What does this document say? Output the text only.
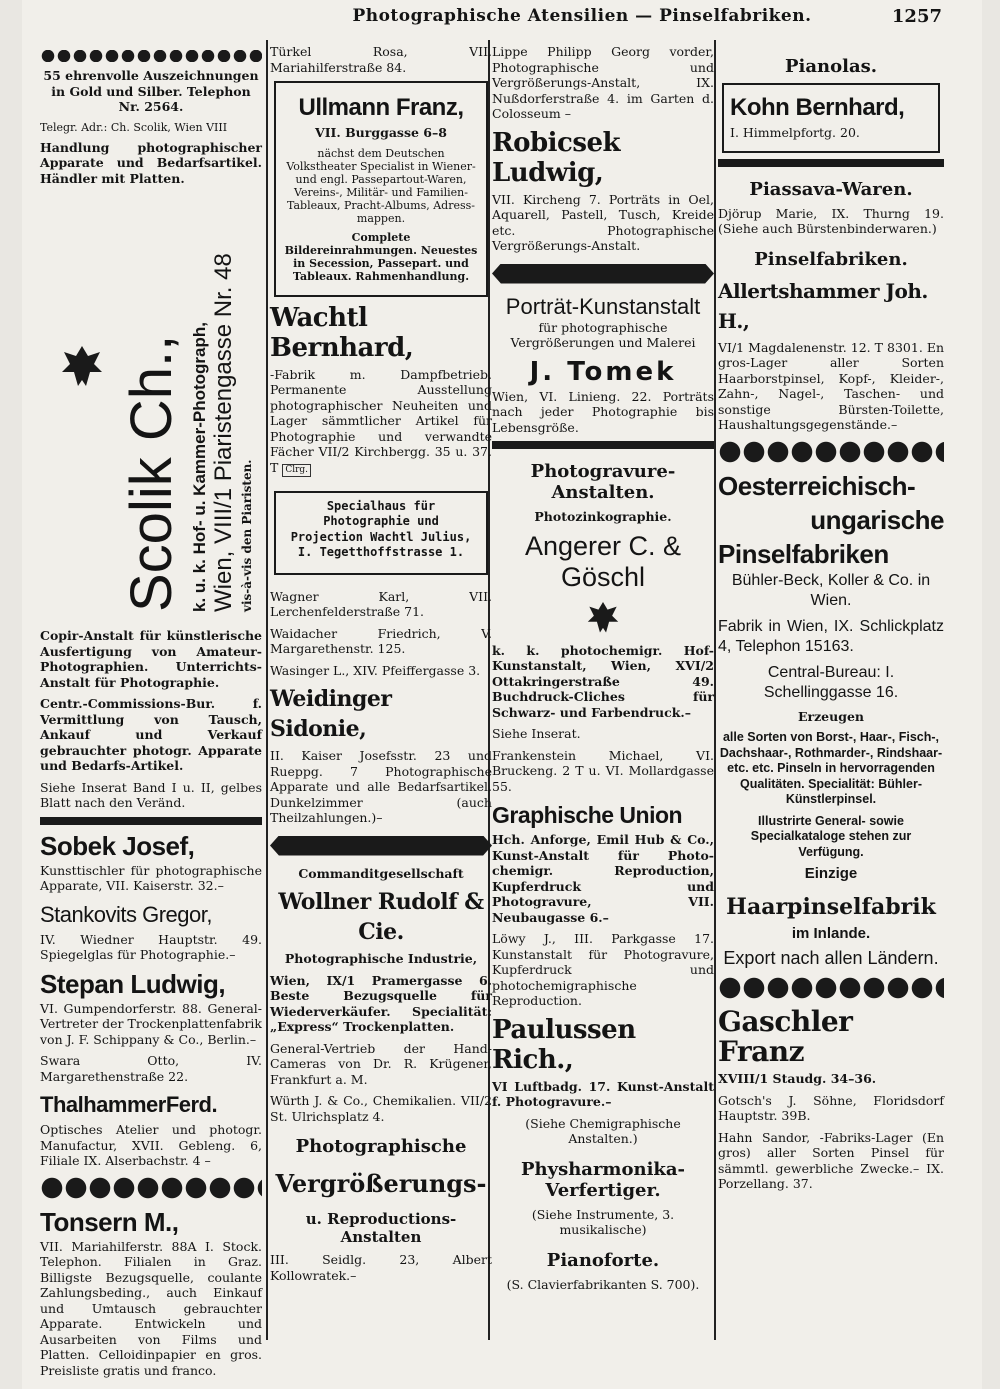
Photographische Atensilien — Pinselfabriken.	1257

55 ehrenvolle Auszeichnungen in Gold und Silber. Telephon Nr. 2564.

Telegr. Adr.: Ch. Scolik, Wien VIII

Handlung photographischer Apparate und Bedarfsartikel. Händler mit Platten.

Scolik Ch., k. u. k. Hof- u. Kammer-Photograph, Wien, VIII/1 Piaristengasse Nr. 48 vis-à-vis den Piaristen.

Copir-Anstalt für künstlerische Ausfertigung von Amateur-Photographien. Unterrichts-Anstalt für Photographie.

Centr.-Commissions-Bur. f. Vermittlung von Tausch, Ankauf und Verkauf gebrauchter photogr. Apparate und Bedarfs-Artikel.

Siehe Inserat Band I u. II, gelbes Blatt nach den Veränd.

Sobek Josef,

Kunsttischler für photographische Apparate, VII. Kaiserstr. 32.–

Stankovits Gregor,

IV. Wiedner Hauptstr. 49. Spiegelglas für Photographie.–

Stepan Ludwig,

VI. Gumpendorferstr. 88. General-Vertreter der Trockenplattenfabrik von J. F. Schippany & Co., Berlin.–

Swara Otto, IV. Margarethenstraße 22.

ThalhammerFerd.

Optisches Atelier und photogr. Manufactur, XVII. Gebleng. 6, Filiale IX. Alserbachstr. 4 –

Tonsern M.,

VII. Mariahilferstr. 88A I. Stock. Telephon. Filialen in Graz. Billigste Bezugsquelle, coulante Zahlungsbeding., auch Einkauf und Umtausch gebrauchter Apparate. Entwickeln und Ausarbeiten von Films und Platten. Celloidinpapier en gros. Preisliste gratis und franco.

Türkel Rosa, VII. Mariahilferstraße 84.

Ullmann Franz,

VII. Burggasse 6–8

nächst dem Deutschen Volkstheater Specialist in Wiener- und engl. Passepartout-Waren, Vereins-, Militär- und Familien-Tableaux, Pracht-Albums, Adress-mappen.

Complete Bildereinrahmungen. Neuestes in Secession, Passepart. und Tableaux. Rahmenhandlung.

Wachtl Bernhard,

-Fabrik m. Dampfbetrieb. Permanente Ausstellung photographischer Neuheiten und Lager sämmtlicher Artikel für Photographie und verwandte Fächer VII/2 Kirchbergg. 35 u. 37. T Clrg.

Specialhaus für Photographie und Projection Wachtl Julius, I. Tegetthoffstrasse 1.

Wagner Karl, VII. Lerchenfelderstraße 71.

Waidacher Friedrich, V. Margarethenstr. 125.

Wasinger L., XIV. Pfeiffergasse 3.

Weidinger Sidonie,

II. Kaiser Josefsstr. 23 und Rueppg. 7 Photographische Apparate und alle Bedarfsartikel. Dunkelzimmer (auch Theilzahlungen.)–

Commanditgesellschaft

Wollner Rudolf & Cie.

Photographische Industrie,

Wien, IX/1 Pramergasse 6. Beste Bezugsquelle für Wiederverkäufer. Specialität: „Express“ Trockenplatten.

General-Vertrieb der Hand-Cameras von Dr. R. Krügener, Frankfurt a. M.

Würth J. & Co., Chemikalien. VII/2 St. Ulrichsplatz 4.

Photographische
Vergrößerungs-
u. Reproductions-Anstalten

III. Seidlg. 23, Albert Kollowratek.–

Lippe Philipp Georg vorder, Photographische und Vergrößerungs-Anstalt, IX. Nußdorferstraße 4. im Garten d. Colosseum –

Robicsek Ludwig,

VII. Kircheng 7. Porträts in Oel, Aquarell, Pastell, Tusch, Kreide etc. Photographische Vergrößerungs-Anstalt.

Porträt-Kunstanstalt

für photographische Vergrößerungen und Malerei

J. Tomek

Wien, VI. Linieng. 22. Porträts nach jeder Photographie bis Lebensgröße.

Photogravure-Anstalten.

Photozinkographie.

Angerer C. & Göschl

k. k. photochemigr. Hof-Kunstanstalt, Wien, XVI/2 Ottakringerstraße 49. Buchdruck-Cliches für Schwarz- und Farbendruck.–

Siehe Inserat.

Frankenstein Michael, VI. Bruckeng. 2 T u. VI. Mollardgasse 55.

Graphische Union

Hch. Anforge, Emil Hub & Co., Kunst-Anstalt für Photo-chemigr. Reproduction, Kupferdruck und Photogravure, VII. Neubaugasse 6.–

Löwy J., III. Parkgasse 17. Kunstanstalt für Photogravure, Kupferdruck und photochemigraphische Reproduction.

Paulussen Rich.,

VI Luftbadg. 17. Kunst-Anstalt f. Photogravure.–

(Siehe Chemigraphische Anstalten.)

Physharmonika-Verfertiger.

(Siehe Instrumente, 3. musikalische)

Pianoforte.

(S. Clavierfabrikanten S. 700).

Pianolas.
Kohn Bernhard,

I. Himmelpfortg. 20.

Piassava-Waren.

Djörup Marie, IX. Thurng 19. (Siehe auch Bürstenbinderwaren.)

Pinselfabriken.
Allertshammer Joh. H.,

VI/1 Magdalenenstr. 12. T 8301. En gros-Lager aller Sorten Haarborstpinsel, Kopf-, Kleider-, Zahn-, Nagel-, Taschen- und sonstige Bürsten-Toilette, Haushaltungsgegenstände.–

Oesterreichisch-
ungarische
Pinselfabriken

Bühler-Beck, Koller & Co. in Wien.

Fabrik in Wien, IX. Schlickplatz 4, Telephon 15163.

Central-Bureau: I. Schellinggasse 16.

Erzeugen

alle Sorten von Borst-, Haar-, Fisch-, Dachshaar-, Rothmarder-, Rindshaar- etc. etc. Pinseln in hervorragenden Qualitäten. Specialität: Bühler-Künstlerpinsel.

Illustrirte General- sowie Specialkataloge stehen zur Verfügung.

Einzige

Haarpinselfabrik

im Inlande.

Export nach allen Ländern.

Gaschler Franz

XVIII/1 Staudg. 34–36.

Gotsch's J. Söhne, Floridsdorf Hauptstr. 39B.

Hahn Sandor, -Fabriks-Lager (En gros) aller Sorten Pinsel für sämmtl. gewerbliche Zwecke.– IX. Porzellang. 37.
